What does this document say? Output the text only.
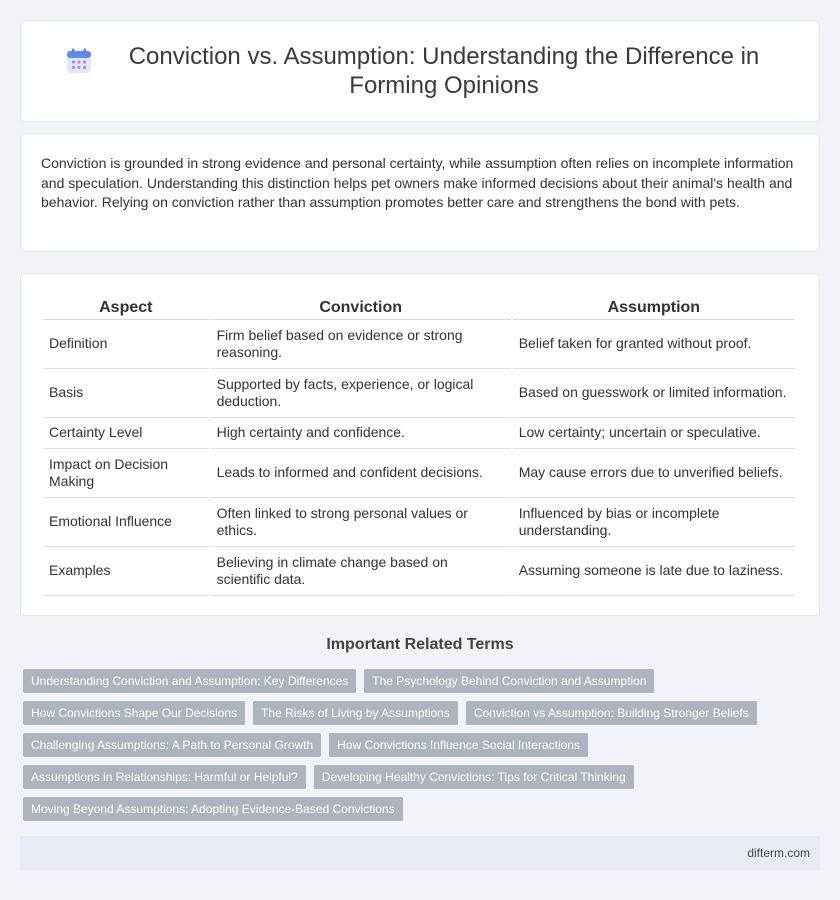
Conviction vs. Assumption: Understanding the Difference in Forming Opinions

Conviction is grounded in strong evidence and personal certainty, while assumption often relies on incomplete information and speculation. Understanding this distinction helps pet owners make informed decisions about their animal's health and behavior. Relying on conviction rather than assumption promotes better care and strengthens the bond with pets.

Aspect	Conviction	Assumption
Definition	Firm belief based on evidence or strong reasoning.	Belief taken for granted without proof.
Basis	Supported by facts, experience, or logical deduction.	Based on guesswork or limited information.
Certainty Level	High certainty and confidence.	Low certainty; uncertain or speculative.
Impact on Decision Making	Leads to informed and confident decisions.	May cause errors due to unverified beliefs.
Emotional Influence	Often linked to strong personal values or ethics.	Influenced by bias or incomplete understanding.
Examples	Believing in climate change based on scientific data.	Assuming someone is late due to laziness.
Important Related Terms
Understanding Conviction and Assumption: Key Differences	The Psychology Behind Conviction and Assumption
How Convictions Shape Our Decisions	The Risks of Living by Assumptions	Conviction vs Assumption: Building Stronger Beliefs
Challenging Assumptions: A Path to Personal Growth	How Convictions Influence Social Interactions
Assumptions in Relationships: Harmful or Helpful?	Developing Healthy Convictions: Tips for Critical Thinking
Moving Beyond Assumptions: Adopting Evidence-Based Convictions
difterm.com
